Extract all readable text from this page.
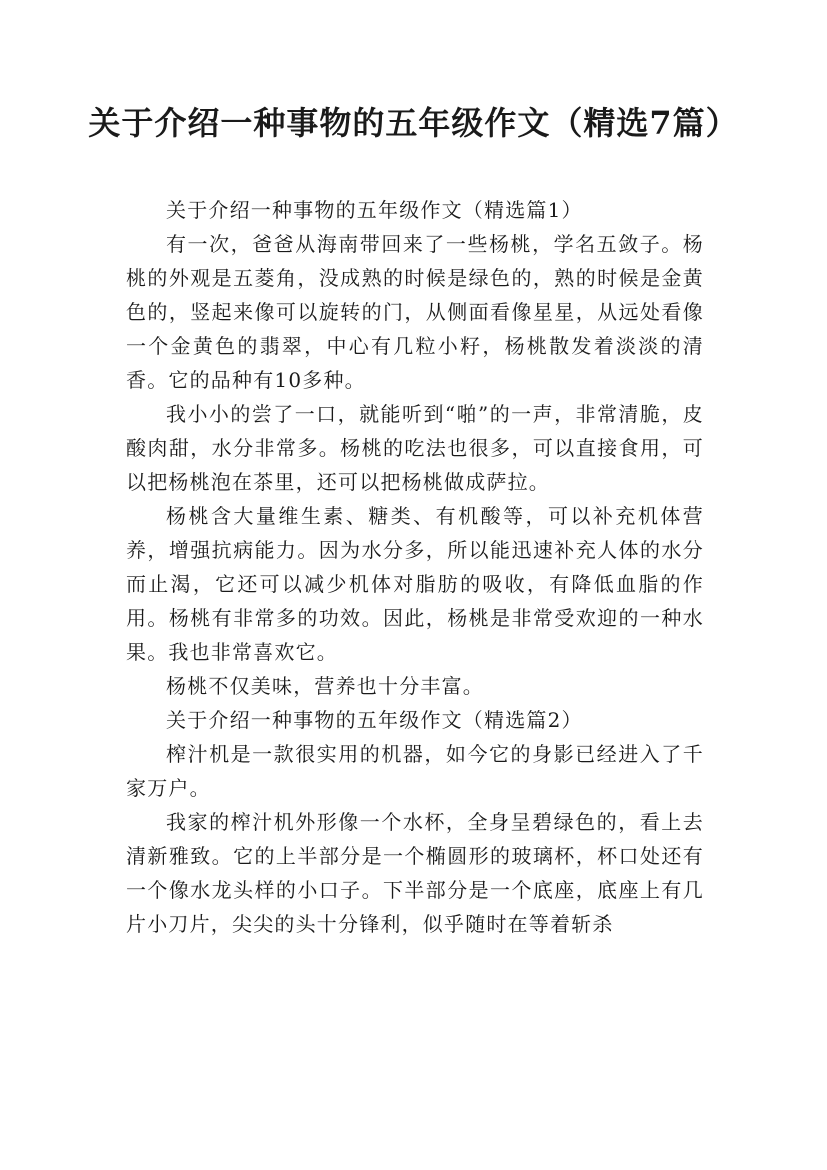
关于介绍一种事物的五年级作文（精选7篇）

关于介绍一种事物的五年级作文（精选篇1）

有一次，爸爸从海南带回来了一些杨桃，学名五敛子。杨桃的外观是五菱角，没成熟的时候是绿色的，熟的时候是金黄色的，竖起来像可以旋转的门，从侧面看像星星，从远处看像一个金黄色的翡翠，中心有几粒小籽，杨桃散发着淡淡的清香。它的品种有10多种。

我小小的尝了一口，就能听到“啪”的一声，非常清脆，皮酸肉甜，水分非常多。杨桃的吃法也很多，可以直接食用，可以把杨桃泡在茶里，还可以把杨桃做成萨拉。

杨桃含大量维生素、糖类、有机酸等，可以补充机体营养，增强抗病能力。因为水分多，所以能迅速补充人体的水分而止渴，它还可以减少机体对脂肪的吸收，有降低血脂的作用。杨桃有非常多的功效。因此，杨桃是非常受欢迎的一种水果。我也非常喜欢它。

杨桃不仅美味，营养也十分丰富。

关于介绍一种事物的五年级作文（精选篇2）

榨汁机是一款很实用的机器，如今它的身影已经进入了千家万户。

我家的榨汁机外形像一个水杯，全身呈碧绿色的，看上去清新雅致。它的上半部分是一个椭圆形的玻璃杯，杯口处还有一个像水龙头样的小口子。下半部分是一个底座，底座上有几片小刀片，尖尖的头十分锋利，似乎随时在等着斩杀
